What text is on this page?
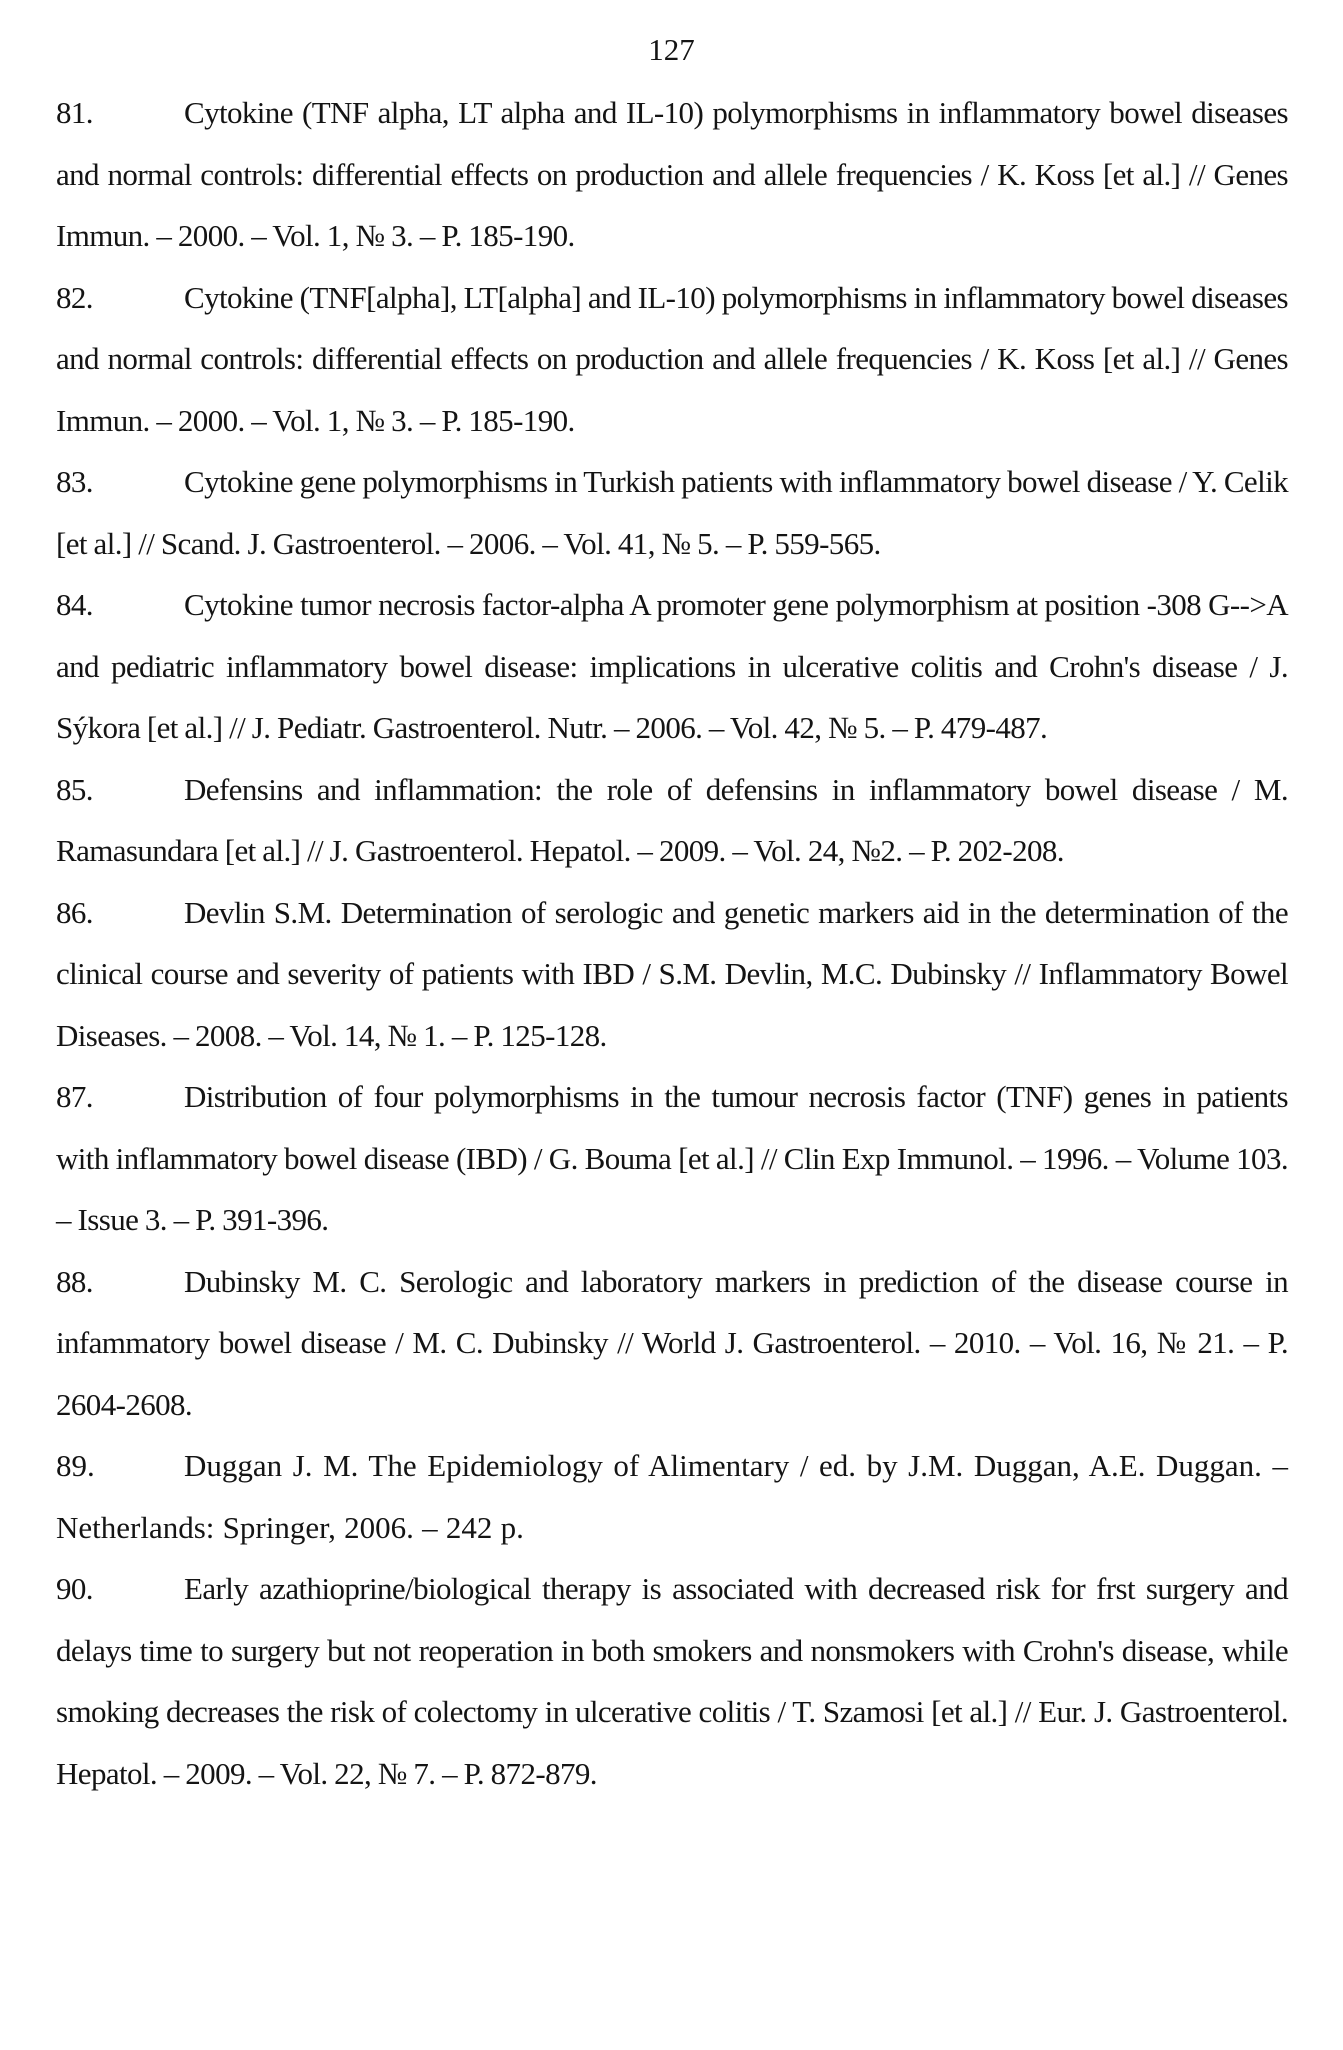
127

81.	Cytokine (TNF alpha, LT alpha and IL-10) polymorphisms in inflammatory bowel diseases and normal controls: differential effects on production and allele frequencies / K. Koss [et al.] // Genes Immun. – 2000. – Vol. 1, № 3. – P. 185-190.

82.	Cytokine (TNF[alpha], LT[alpha] and IL-10) polymorphisms in inflammatory bowel diseases and normal controls: differential effects on production and allele frequencies / K. Koss [et al.] // Genes Immun. – 2000. – Vol. 1, № 3. – P. 185-190.

83.	Cytokine gene polymorphisms in Turkish patients with inflammatory bowel disease / Y. Celik [et al.] // Scand. J. Gastroenterol. – 2006. – Vol. 41, № 5. – P. 559-565.

84.	Cytokine tumor necrosis factor-alpha A promoter gene polymorphism at position -308 G-->A and pediatric inflammatory bowel disease: implications in ulcerative colitis and Crohn's disease / J. Sýkora [et al.] // J. Pediatr. Gastroenterol. Nutr. – 2006. – Vol. 42, № 5. – P. 479-487.

85.	Defensins and inflammation: the role of defensins in inflammatory bowel disease / M. Ramasundara [et al.] // J. Gastroenterol. Hepatol. – 2009. – Vol. 24, №2. – P. 202-208.

86.	Devlin S.M. Determination of serologic and genetic markers aid in the determination of the clinical course and severity of patients with IBD / S.M. Devlin, M.C. Dubinsky // Inflammatory Bowel Diseases. – 2008. – Vol. 14, № 1. – P. 125-128.

87.	Distribution of four polymorphisms in the tumour necrosis factor (TNF) genes in patients with inflammatory bowel disease (IBD) / G. Bouma [et al.] // Clin Exp Immunol. – 1996. – Volume 103. – Issue 3. – P. 391-396.

88.	Dubinsky M. C. Serologic and laboratory markers in prediction of the disease course in infammatory bowel disease / M. C. Dubinsky // World J. Gastroenterol. – 2010. – Vol. 16, № 21. – P. 2604-2608.

89.	Duggan J. M. The Epidemiology of Alimentary / ed. by J.M. Duggan, A.E. Duggan. – Netherlands: Springer, 2006. – 242 p.

90.	Early azathioprine/biological therapy is associated with decreased risk for frst surgery and delays time to surgery but not reoperation in both smokers and nonsmokers with Crohn's disease, while smoking decreases the risk of colectomy in ulcerative colitis / T. Szamosi [et al.] // Eur. J. Gastroenterol. Hepatol. – 2009. – Vol. 22, № 7. – P. 872-879.
